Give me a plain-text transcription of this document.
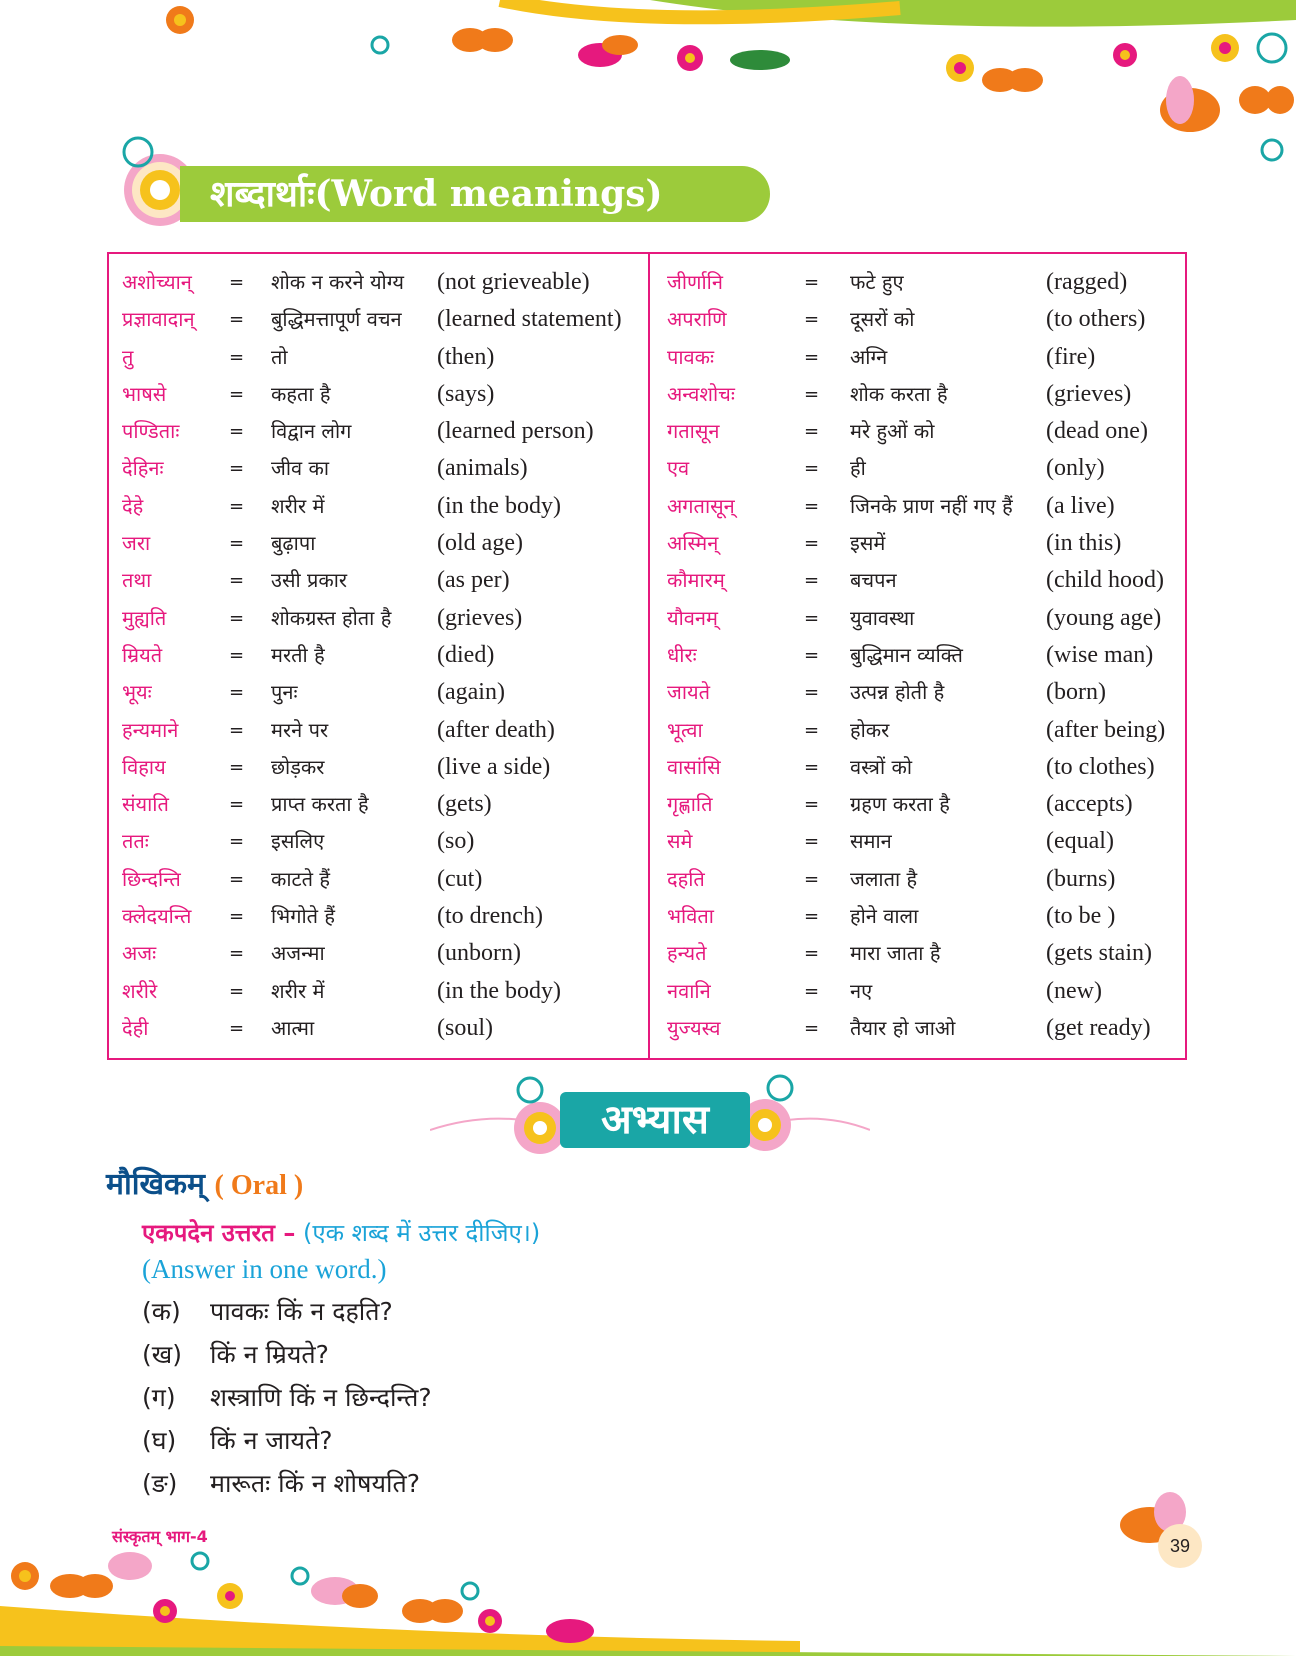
शब्दार्थाः(Word meanings)
अशोच्यान् = शोक न करने योग्य (not grieveable)
प्रज्ञावादान् = बुद्धिमत्तापूर्ण वचन (learned statement)
तु	= तो	(then)
भाषसे	= कहता है	(says)
पण्डिताः	= विद्वान लोग	(learned person)
देहिनः	= जीव का	(animals)
देहे	= शरीर में	(in the body)
जरा	= बुढ़ापा	(old age)
तथा	= उसी प्रकार	(as per)
मुह्यति	= शोकग्रस्त होता है (grieves)
म्रियते	= मरती है	(died)
भूयः	= पुनः	(again)
हन्यमाने	= मरने पर	(after death)
विहाय	= छोड़कर	(live a side)
संयाति	= प्राप्त करता है	(gets)
ततः	= इसलिए	(so)
छिन्दन्ति	= काटते हैं	(cut)
क्लेदयन्ति = भिगोते हैं	(to drench)
अजः	= अजन्मा	(unborn)
शरीरे	= शरीर में	(in the body)
देही	= आत्मा	(soul)
जीर्णानि	= फटे हुए	(ragged)
अपराणि	= दूसरों को	(to others)
पावकः	= अग्नि	(fire)
अन्वशोचः	= शोक करता है	(grieves)
गतासून	= मरे हुओं को	(dead one)
एव	= ही	(only)
अगतासून्	= जिनके प्राण नहीं गए हैं (a live)
अस्मिन्	= इसमें	(in this)
कौमारम्	= बचपन	(child hood)
यौवनम्	= युवावस्था	(young age)
धीरः	= बुद्धिमान व्यक्ति	(wise man)
जायते	= उत्पन्न होती है	(born)
भूत्वा	= होकर	(after being)
वासांसि	= वस्त्रों को	(to clothes)
गृह्णाति	= ग्रहण करता है	(accepts)
समे	= समान	(equal)
दहति	= जलाता है	(burns)
भविता	= होने वाला	(to be )
हन्यते	= मारा जाता है	(gets stain)
नवानि	= नए	(new)
युज्यस्व	= तैयार हो जाओ	(get ready)
अभ्यास
मौखिकम् ( Oral )
एकपदेन उत्तरत – (एक शब्द में उत्तर दीजिए।)
(Answer in one word.)
(क) पावकः किं न दहति?
(ख) किं न म्रियते?
(ग) शस्त्राणि किं न छिन्दन्ति?
(घ) किं न जायते?
(ङ) मारूतः किं न शोषयति?
संस्कृतम् भाग-4	39
